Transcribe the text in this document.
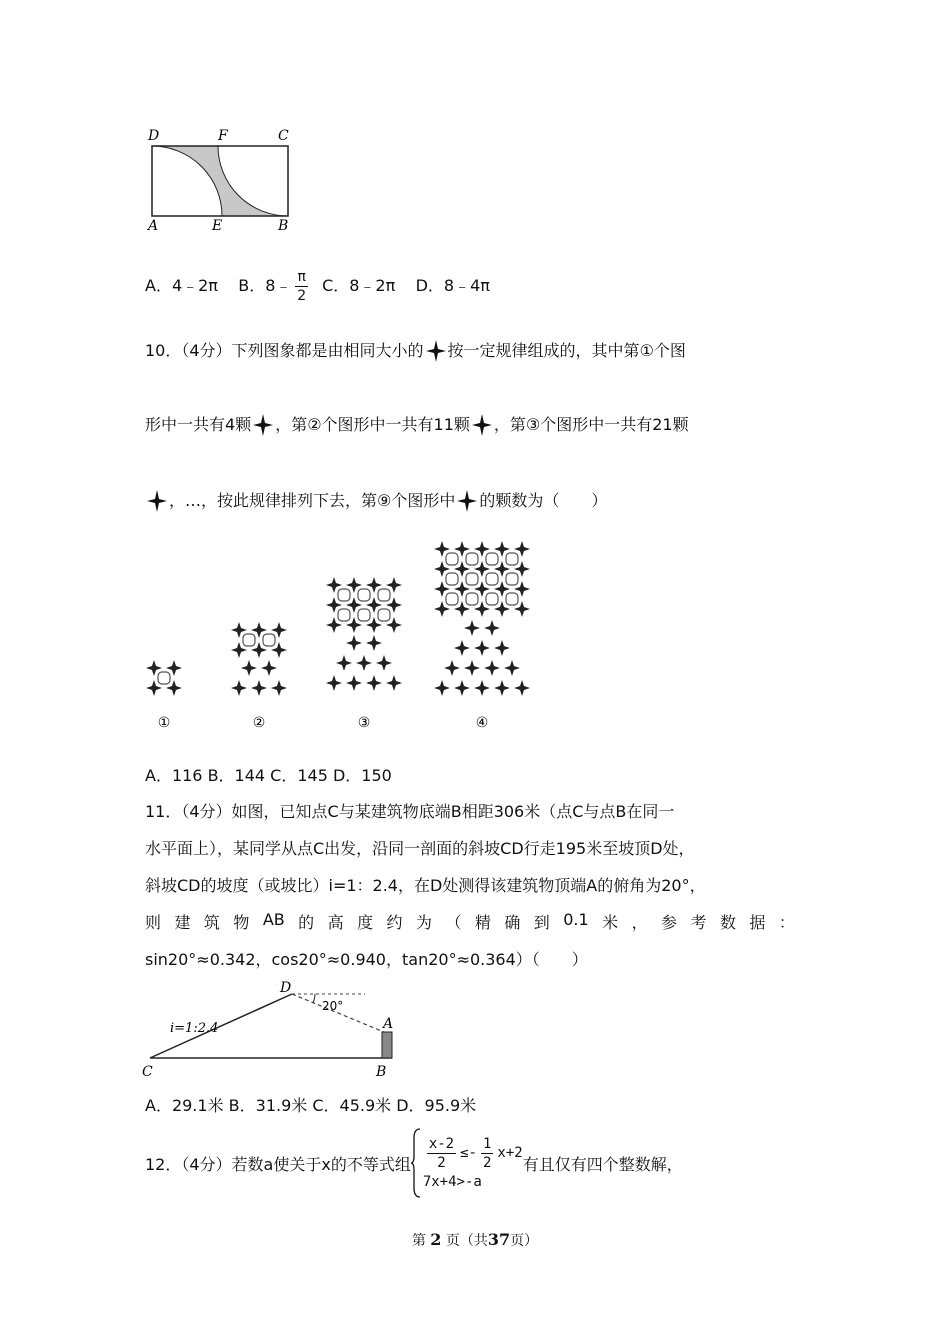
D	F	C
A	E	B
A．4﹣2π B．8﹣ $\frac{\pi}{2}$ C．8﹣2π D．8﹣4π
10．（4分）下列图象都是由相同大小的 按一定规律组成的，其中第①个图
形中一共有4颗 ，第②个图形中一共有11颗 ，第③个图形中一共有21颗
，…，按此规律排列下去，第⑨个图形中 的颗数为（　　）
①	②	③	④
A．116 B．144 C．145 D．150
11．（4分）如图，已知点C与某建筑物底端B相距306米（点C与点B在同一
水平面上），某同学从点C出发，沿同一剖面的斜坡CD行走195米至坡顶D处，
斜坡CD的坡度（或坡比）i=1：2.4，在D处测得该建筑物顶端A的俯角为20°，
则 建 筑 物 AB 的 高 度 约 为 （ 精 确 到 0.1 米 ， 参 考 数 据 ：
sin20°≈0.342，cos20°≈0.940，tan20°≈0.364）（　　）
i=1:2.4
20°
D
A
C	B
A．29.1米 B．31.9米 C．45.9米 D．95.9米
12．（4分）若数a使关于x的不等式组 $\frac{x-2}{2} \le- \frac{1}{2} x+2$
7x+4>-a
有且仅有四个整数解，
第 2 页（共37页）
